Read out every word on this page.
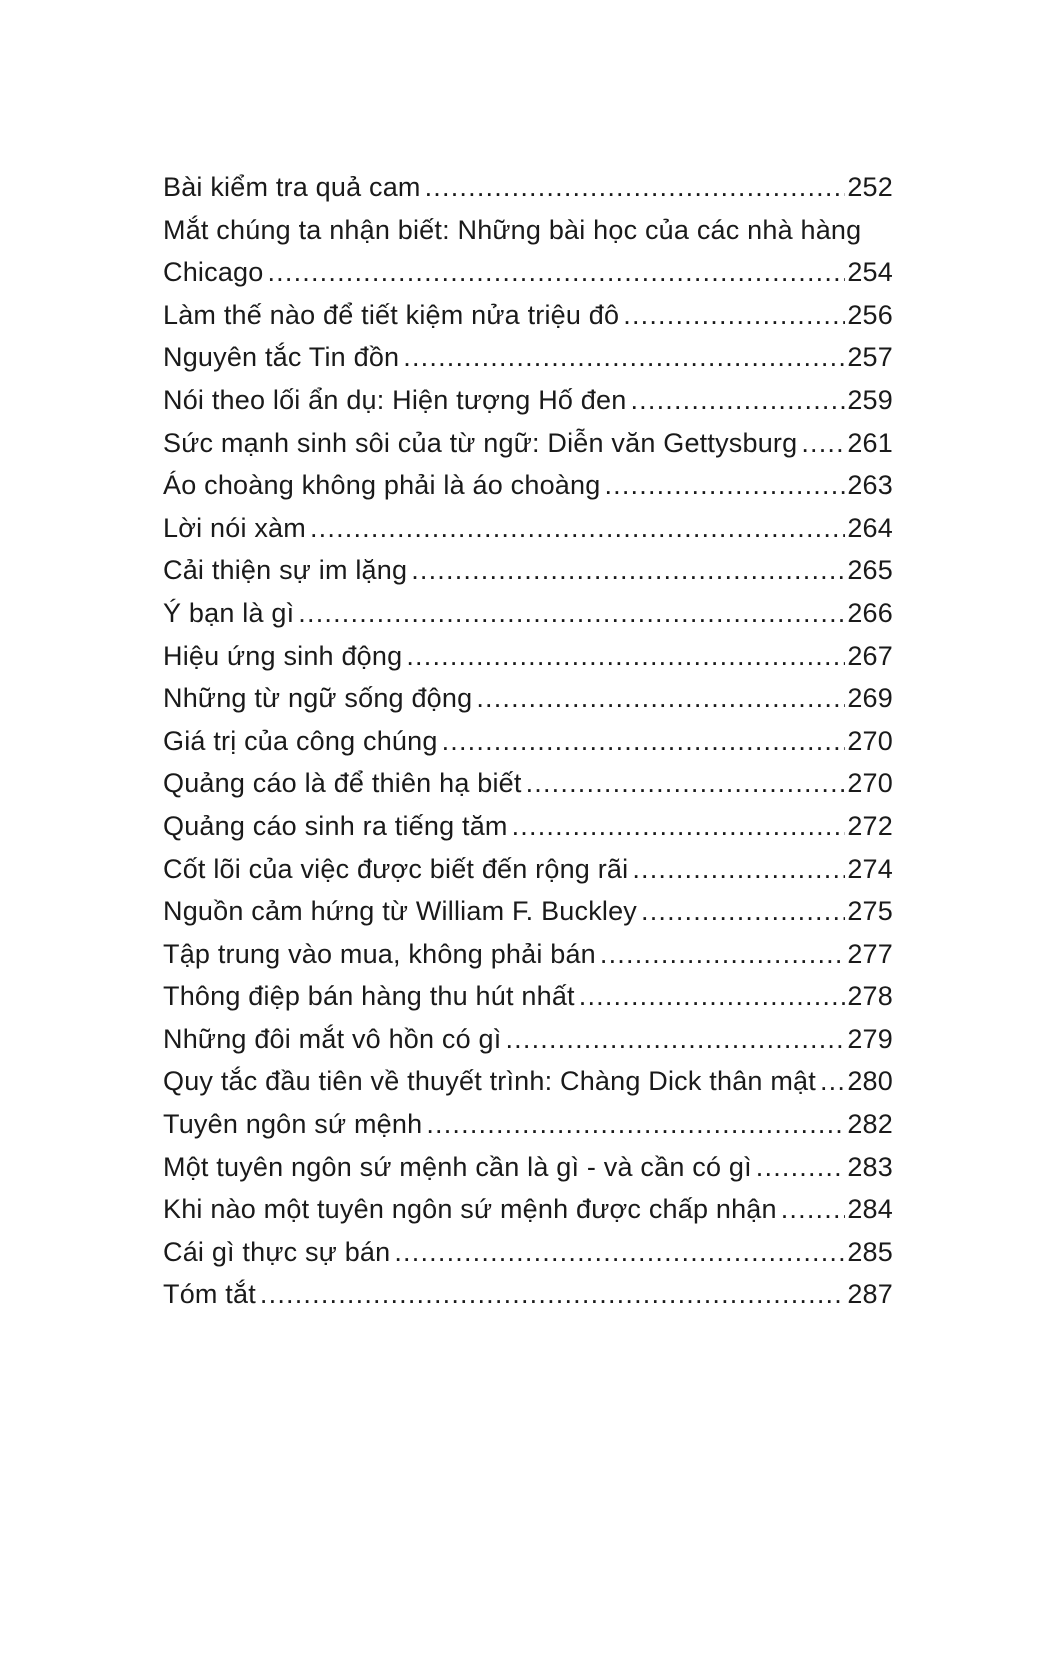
Bài kiểm tra quả cam .....	252
Mắt chúng ta nhận biết: Những bài học của các nhà hàng
Chicago .....	254
Làm thế nào để tiết kiệm nửa triệu đô .....	256
Nguyên tắc Tin đồn .....	257
Nói theo lối ẩn dụ: Hiện tượng Hố đen .....	259
Sức mạnh sinh sôi của từ ngữ: Diễn văn Gettysburg ..... 261
Áo choàng không phải là áo choàng .....	263
Lời nói xàm .....	264
Cải thiện sự im lặng .....	265
Ý bạn là gì .....	266
Hiệu ứng sinh động .....	267
Những từ ngữ sống động .....	269
Giá trị của công chúng .....	270
Quảng cáo là để thiên hạ biết .....	270
Quảng cáo sinh ra tiếng tăm .....	272
Cốt lõi của việc được biết đến rộng rãi .....	274
Nguồn cảm hứng từ William F. Buckley .....	275
Tập trung vào mua, không phải bán .....	277
Thông điệp bán hàng thu hút nhất .....	278
Những đôi mắt vô hồn có gì .....	279
Quy tắc đầu tiên về thuyết trình: Chàng Dick thân mật ..... 280
Tuyên ngôn sứ mệnh .....	282
Một tuyên ngôn sứ mệnh cần là gì - và cần có gì .....	283
Khi nào một tuyên ngôn sứ mệnh được chấp nhận .....	284
Cái gì thực sự bán .....	285
Tóm tắt .....	287
